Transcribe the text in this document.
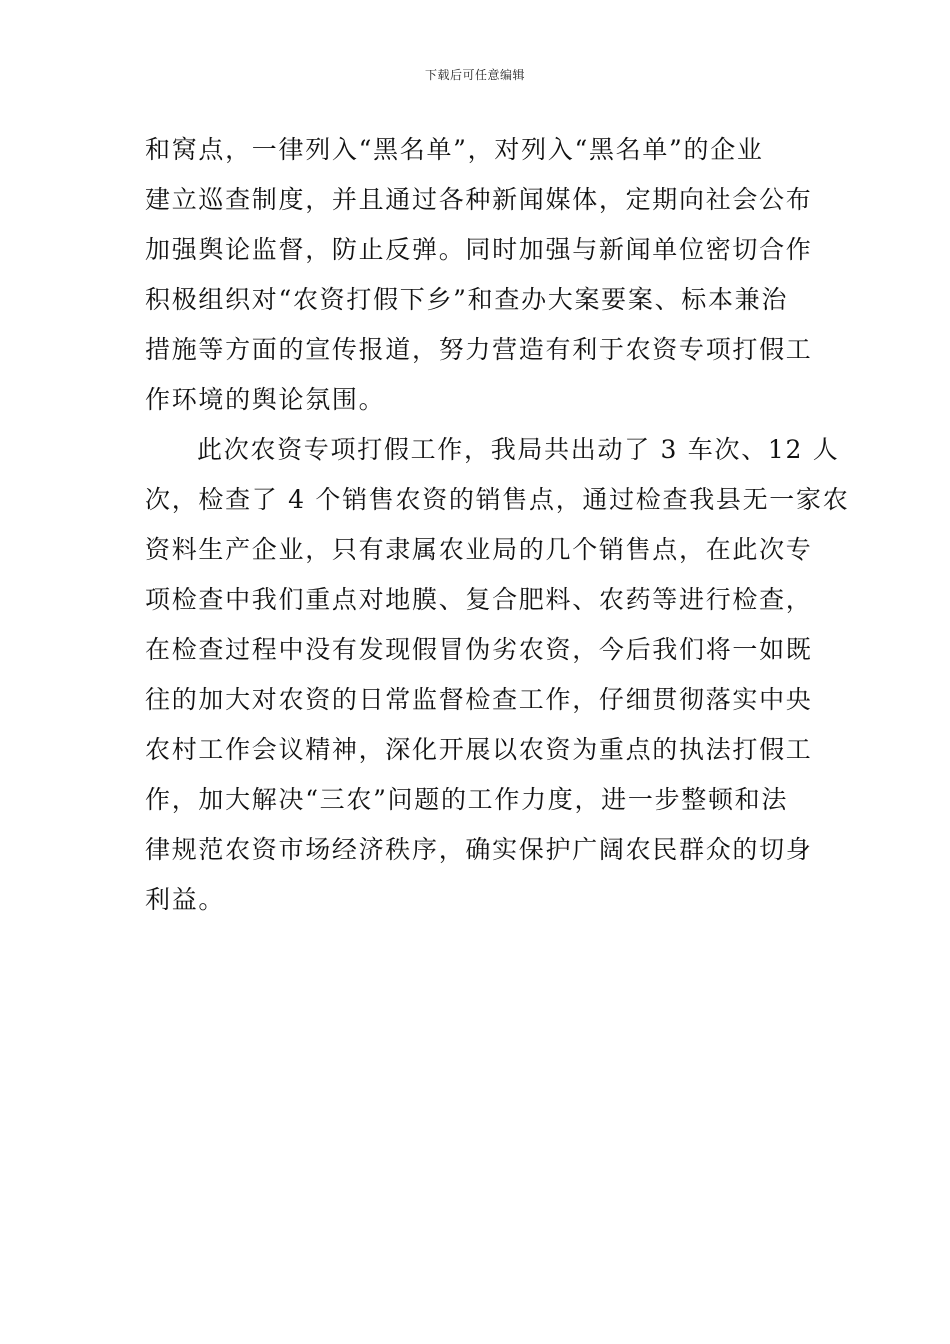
下载后可任意编辑
和窝点，一律列入“黑名单”，对列入“黑名单”的企业
建立巡查制度，并且通过各种新闻媒体，定期向社会公布
加强舆论监督，防止反弹。同时加强与新闻单位密切合作
积极组织对“农资打假下乡”和查办大案要案、标本兼治
措施等方面的宣传报道，努力营造有利于农资专项打假工
作环境的舆论氛围。
此次农资专项打假工作，我局共出动了 3 车次、12 人
次，检查了 4 个销售农资的销售点，通过检查我县无一家农
资料生产企业，只有隶属农业局的几个销售点，在此次专
项检查中我们重点对地膜、复合肥料、农药等进行检查，
在检查过程中没有发现假冒伪劣农资，今后我们将一如既
往的加大对农资的日常监督检查工作，仔细贯彻落实中央
农村工作会议精神，深化开展以农资为重点的执法打假工
作，加大解决“三农”问题的工作力度，进一步整顿和法
律规范农资市场经济秩序，确实保护广阔农民群众的切身
利益。
